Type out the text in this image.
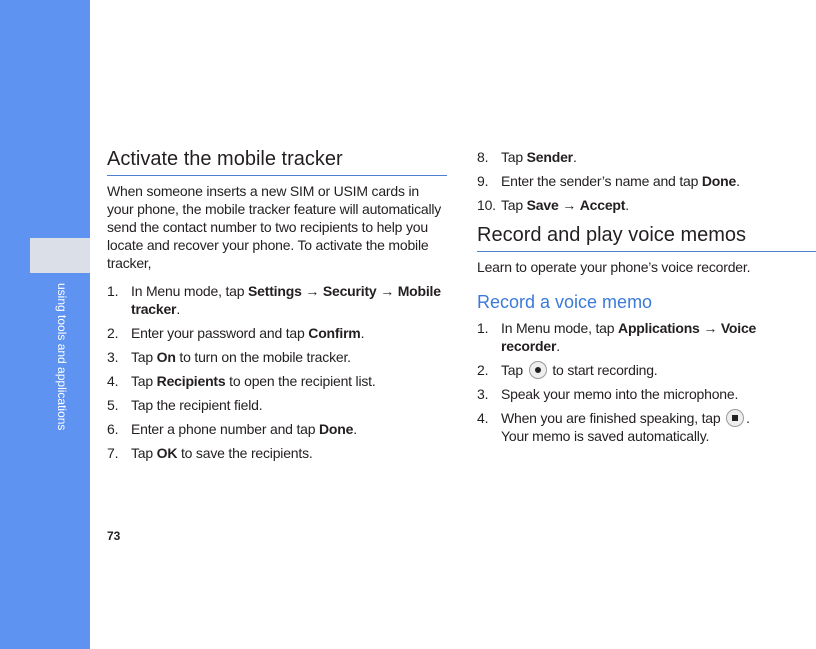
using tools and applications
73
Activate the mobile tracker

When someone inserts a new SIM or USIM cards in your phone, the mobile tracker feature will automatically send the contact number to two recipients to help you locate and recover your phone. To activate the mobile tracker,

1. In Menu mode, tap Settings → Security → Mobile tracker.
2. Enter your password and tap Confirm.
3. Tap On to turn on the mobile tracker.
4. Tap Recipients to open the recipient list.
5. Tap the recipient field.
6. Enter a phone number and tap Done.
7. Tap OK to save the recipients.
8. Tap Sender.
9. Enter the sender’s name and tap Done.
10. Tap Save → Accept.
Record and play voice memos

Learn to operate your phone’s voice recorder.

Record a voice memo
1. In Menu mode, tap Applications → Voice recorder.
2. Tap  to start recording.
3. Speak your memo into the microphone.
4. When you are finished speaking, tap .
Your memo is saved automatically.
